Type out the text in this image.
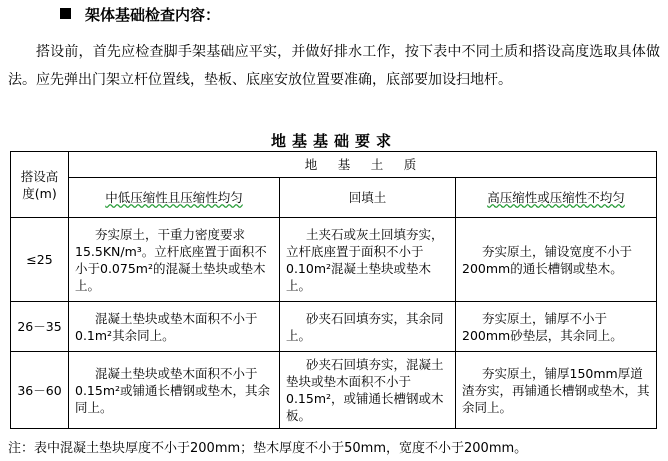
架体基础检查内容：
搭设前，首先应检查脚手架基础应平实，并做好排水工作，按下表中不同土质和搭设高度选取具体做法。应先弹出门架立杆位置线，垫板、底座安放位置要准确，底部要加设扫地杆。
地基基础要求
搭设高度(m)	地　基　土　质		
	中低压缩性且压缩性均匀	回填土	高压缩性或压缩性不均匀
≤25	夯实原土，干重力密度要求15.5KN/m³。立杆底座置于面积不小于0.075m²的混凝土垫块或垫木上。	土夹石或灰土回填夯实，立杆底座置于面积不小于0.10m²混凝土垫块或垫木上。	夯实原土，铺设宽度不小于200mm的通长槽钢或垫木。
26－35	混凝土垫块或垫木面积不小于0.1m²其余同上。	砂夹石回填夯实，其余同上。	夯实原土，铺厚不小于200mm砂垫层，其余同上。
36－60	混凝土垫块或垫木面积不小于0.15m²或铺通长槽钢或垫木，其余同上。	砂夹石回填夯实，混凝土垫块或垫木面积不小于0.15m²，或铺通长槽钢或木板。	夯实原土，铺厚150mm厚道渣夯实，再铺通长槽钢或垫木，其余同上。
注：表中混凝土垫块厚度不小于200mm；垫木厚度不小于50mm，宽度不小于200mm。
